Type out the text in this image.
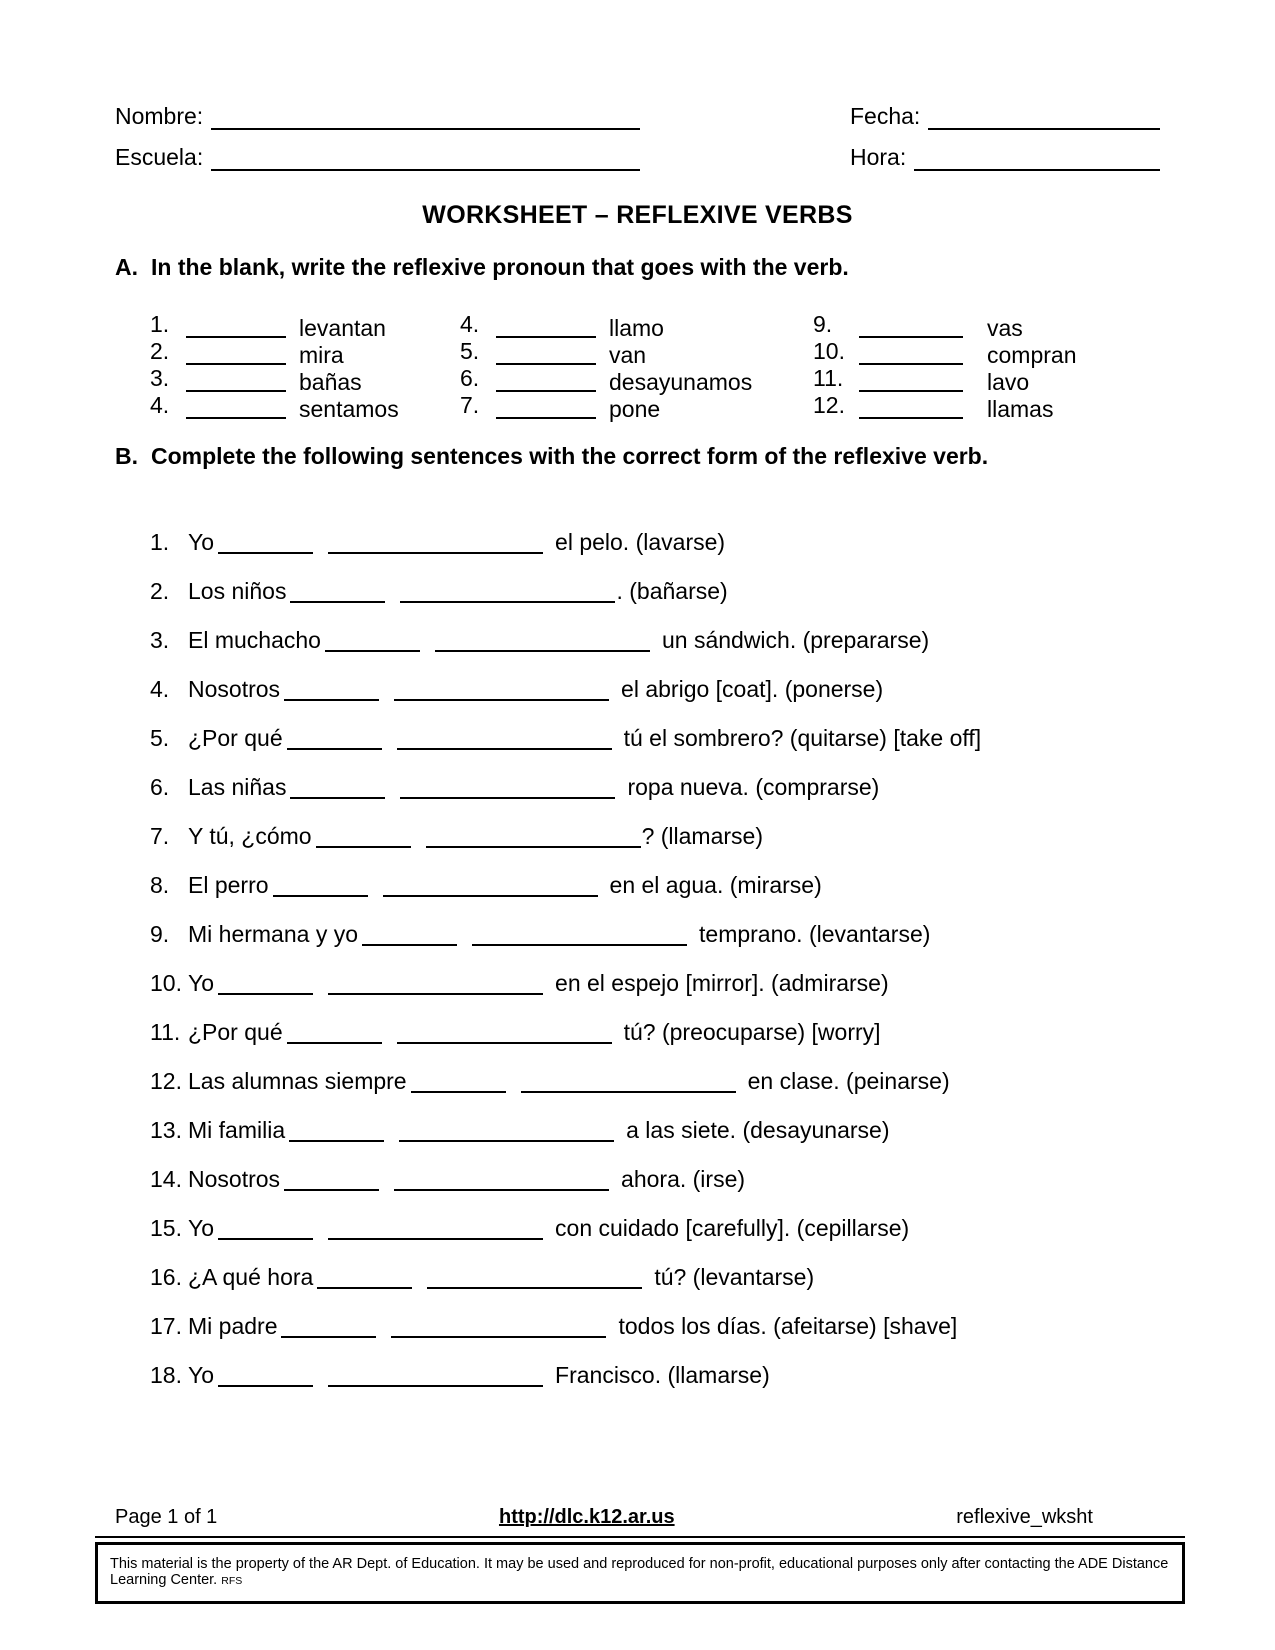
Nombre:	Fecha:
Escuela:	Hora:
WORKSHEET – REFLEXIVE VERBS
A. In the blank, write the reflexive pronoun that goes with the verb.
1.	levantan
2.	mira
3.	bañas
4.	sentamos
4.	llamo
5.	van
6.	desayunamos
7.	pone
9.	vas
10.	compran
11.	lavo
12.	llamas
B. Complete the following sentences with the correct form of the reflexive verb.
1. Yo	el pelo. (lavarse)
2. Los niños	. (bañarse)
3. El muchacho	un sándwich. (prepararse)
4. Nosotros	el abrigo [coat]. (ponerse)
5. ¿Por qué	tú el sombrero? (quitarse) [take off]
6. Las niñas	ropa nueva. (comprarse)
7. Y tú, ¿cómo	? (llamarse)
8. El perro	en el agua. (mirarse)
9. Mi hermana y yo	temprano. (levantarse)
10. Yo	en el espejo [mirror]. (admirarse)
11. ¿Por qué	tú? (preocuparse) [worry]
12. Las alumnas siempre	en clase. (peinarse)
13. Mi familia	a las siete. (desayunarse)
14. Nosotros	ahora. (irse)
15. Yo	con cuidado [carefully]. (cepillarse)
16. ¿A qué hora	tú? (levantarse)
17. Mi padre	todos los días. (afeitarse) [shave]
18. Yo	Francisco. (llamarse)
Page 1 of 1	http://dlc.k12.ar.us	reflexive_wksht
This material is the property of the AR Dept. of Education. It may be used and reproduced for non-profit, educational purposes only after contacting the ADE Distance Learning Center. RFS
